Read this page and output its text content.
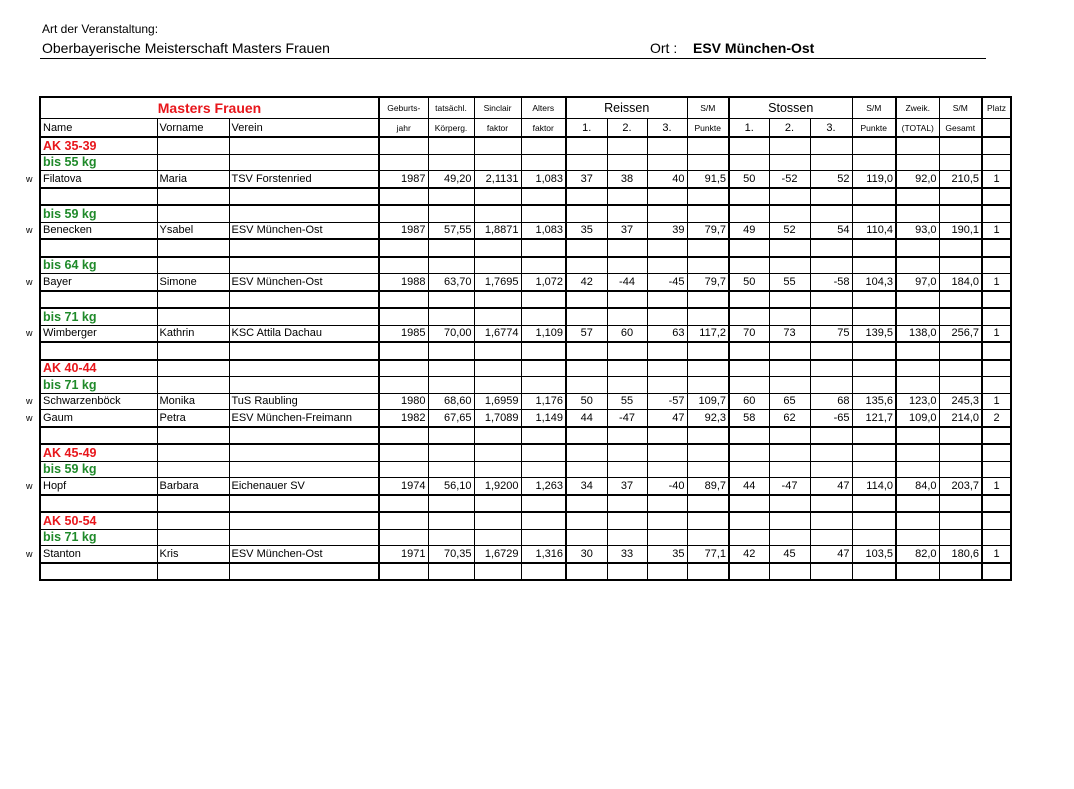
Art der Veranstaltung:
Oberbayerische Meisterschaft Masters Frauen	Ort : ESV München-Ost
w
w
w
w
w
w
w
w
Masters Frauen			Geburts-	tatsächl.	Sinclair	Alters	Reissen			S/M	Stossen			S/M	Zweik.	S/M	Platz
Name	Vorname	Verein	jahr	Körperg.	faktor	faktor	1.	2.	3.	Punkte	1.	2.	3.	Punkte	(TOTAL)	Gesamt	
AK 35-39																	
bis 55 kg																	
Filatova	Maria	TSV Forstenried	1987	49,20	2,1131	1,083	37	38	40	91,5	50	-52	52	119,0	92,0	210,5	1

bis 59 kg																	
Benecken	Ysabel	ESV München-Ost	1987	57,55	1,8871	1,083	35	37	39	79,7	49	52	54	110,4	93,0	190,1	1

bis 64 kg																	
Bayer	Simone	ESV München-Ost	1988	63,70	1,7695	1,072	42	-44	-45	79,7	50	55	-58	104,3	97,0	184,0	1

bis 71 kg																	
Wimberger	Kathrin	KSC Attila Dachau	1985	70,00	1,6774	1,109	57	60	63	117,2	70	73	75	139,5	138,0	256,7	1

AK 40-44																	
bis 71 kg																	
Schwarzenböck	Monika	TuS Raubling	1980	68,60	1,6959	1,176	50	55	-57	109,7	60	65	68	135,6	123,0	245,3	1
Gaum	Petra	ESV München-Freimann	1982	67,65	1,7089	1,149	44	-47	47	92,3	58	62	-65	121,7	109,0	214,0	2

AK 45-49																	
bis 59 kg																	
Hopf	Barbara	Eichenauer SV	1974	56,10	1,9200	1,263	34	37	-40	89,7	44	-47	47	114,0	84,0	203,7	1

AK 50-54																	
bis 71 kg																	
Stanton	Kris	ESV München-Ost	1971	70,35	1,6729	1,316	30	33	35	77,1	42	45	47	103,5	82,0	180,6	1
